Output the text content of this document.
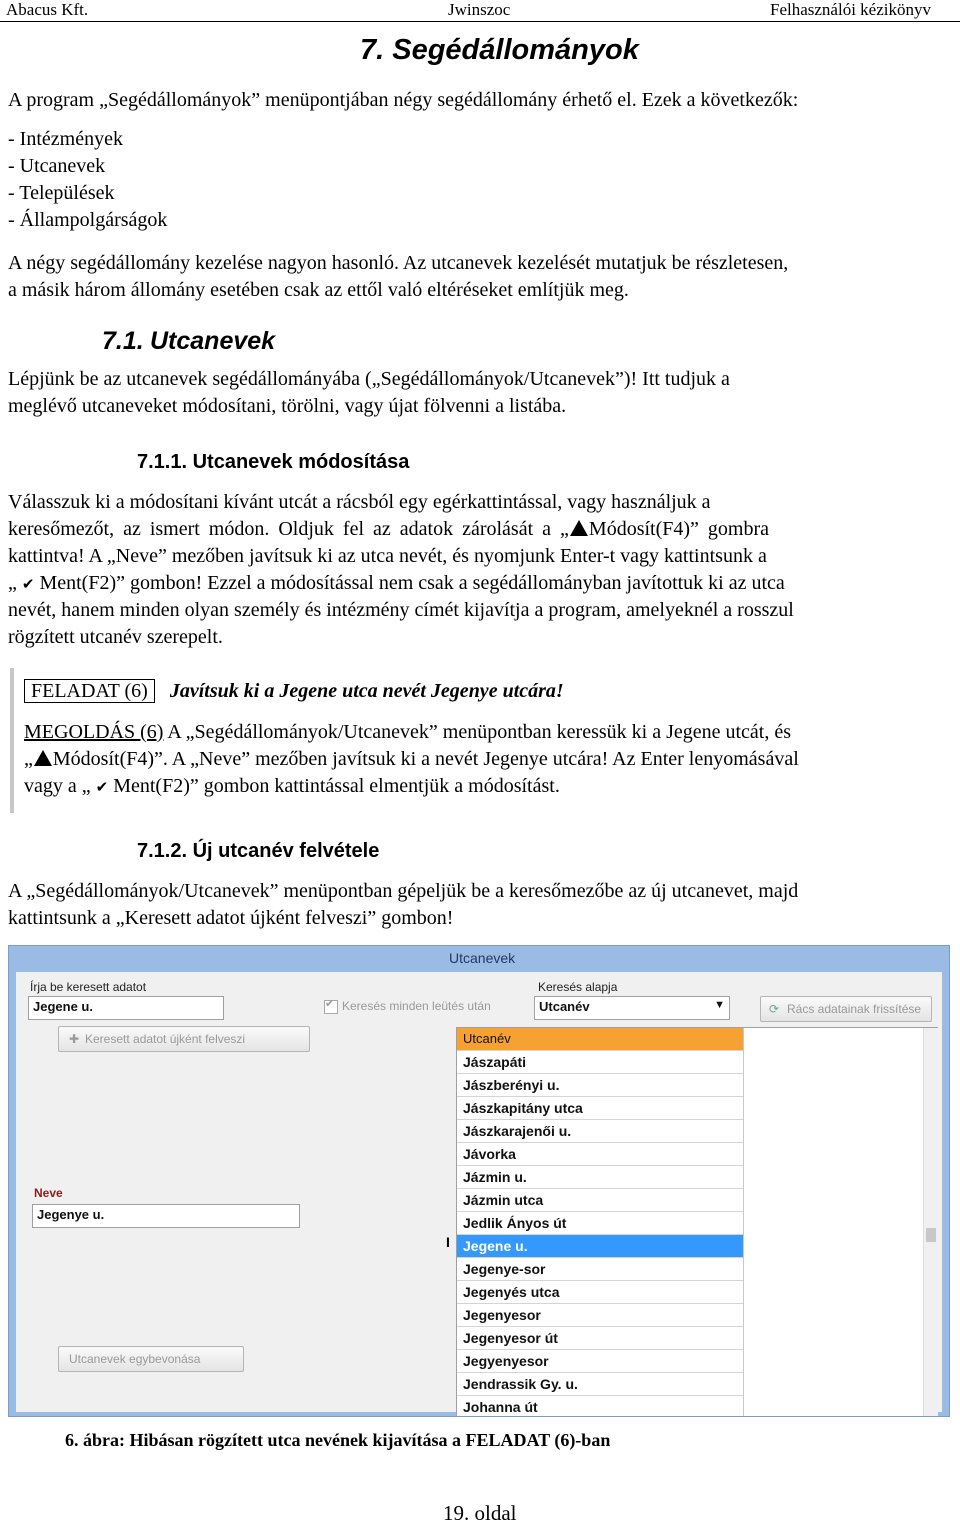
Abacus Kft.	Jwinszoc	Felhasználói kézikönyv
7. Segédállományok
A program „Segédállományok” menüpontjában négy segédállomány érhető el. Ezek a következők:
- Intézmények
- Utcanevek
- Települések
- Állampolgárságok
A négy segédállomány kezelése nagyon hasonló. Az utcanevek kezelését mutatjuk be részletesen,
a másik három állomány esetében csak az ettől való eltéréseket említjük meg.
7.1. Utcanevek
Lépjünk be az utcanevek segédállományába („Segédállományok/Utcanevek”)! Itt tudjuk a
meglévő utcaneveket módosítani, törölni, vagy újat fölvenni a listába.
7.1.1. Utcanevek módosítása
Válasszuk ki a módosítani kívánt utcát a rácsból egy egérkattintással, vagy használjuk a
keresőmezőt, az ismert módon. Oldjuk fel az adatok zárolását a „ Módosít(F4)” gombra
kattintva! A „Neve” mezőben javítsuk ki az utca nevét, és nyomjunk Enter-t vagy kattintsunk a
„ ✔ Ment(F2)” gombon! Ezzel a módosítással nem csak a segédállományban javítottuk ki az utca
nevét, hanem minden olyan személy és intézmény címét kijavítja a program, amelyeknél a rosszul
rögzített utcanév szerepelt.
FELADAT (6) Javítsuk ki a Jegene utca nevét Jegenye utcára!
MEGOLDÁS (6) A „Segédállományok/Utcanevek” menüpontban keressük ki a Jegene utcát, és
„ Módosít(F4)”. A „Neve” mezőben javítsuk ki a nevét Jegenye utcára! Az Enter lenyomásával
vagy a „ ✔ Ment(F2)” gombon kattintással elmentjük a módosítást.
7.1.2. Új utcanév felvétele
A „Segédállományok/Utcanevek” menüpontban gépeljük be a keresőmezőbe az új utcanevet, majd
kattintsunk a „Keresett adatot újként felveszi” gombon!
Utcanevek
Írja be keresett adatot
Jegene u.	✔ Keresés minden leütés után
Keresés alapja
Utcanév	▼	⟳ Rács adatainak frissítése
✚ Keresett adatot újként felveszi
Neve
Jegenye u.
Utcanevek egybevonása
I
Utcanév
Jászapáti
Jászberényi u.
Jászkapitány utca
Jászkarajenői u.
Jávorka
Jázmin u.
Jázmin utca
Jedlik Ányos út
Jegene u.
Jegenye-sor
Jegenyés utca
Jegenyesor
Jegenyesor út
Jegyenyesor
Jendrassik Gy. u.
Johanna út
6. ábra: Hibásan rögzített utca nevének kijavítása a FELADAT (6)-ban
19. oldal
